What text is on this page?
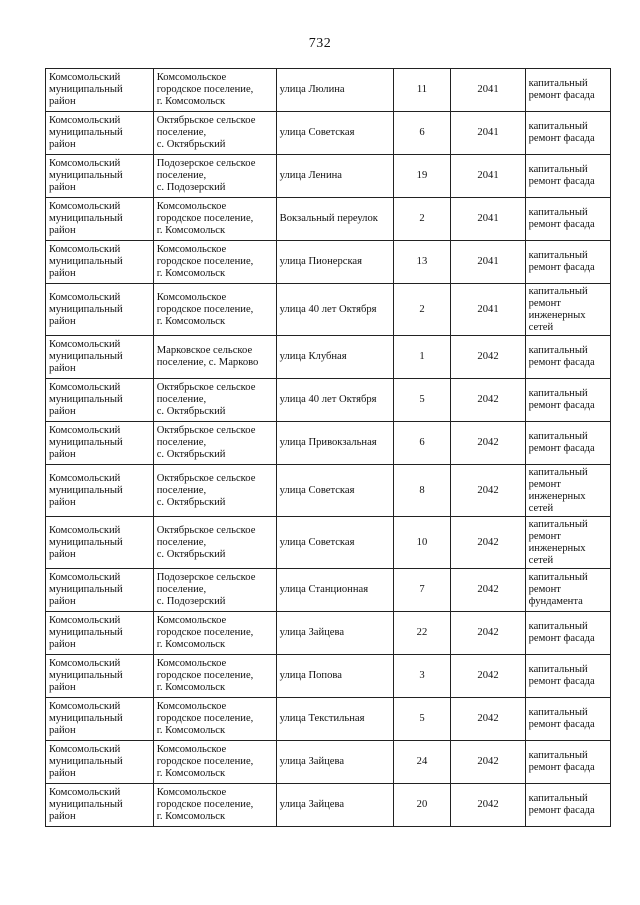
732
Комсомольский
муниципальный
район	Комсомольское
городское поселение,
г. Комсомольск	улица Люлина	11	2041	капитальный
ремонт фасада
Комсомольский
муниципальный
район	Октябрьское сельское
поселение,
с. Октябрьский	улица Советская	6	2041	капитальный
ремонт фасада
Комсомольский
муниципальный
район	Подозерское сельское
поселение,
с. Подозерский	улица Ленина	19	2041	капитальный
ремонт фасада
Комсомольский
муниципальный
район	Комсомольское
городское поселение,
г. Комсомольск	Вокзальный переулок	2	2041	капитальный
ремонт фасада
Комсомольский
муниципальный
район	Комсомольское
городское поселение,
г. Комсомольск	улица Пионерская	13	2041	капитальный
ремонт фасада
Комсомольский
муниципальный
район	Комсомольское
городское поселение,
г. Комсомольск	улица 40 лет Октября	2	2041	капитальный
ремонт
инженерных
сетей
Комсомольский
муниципальный
район	Марковское сельское
поселение, с. Марково	улица Клубная	1	2042	капитальный
ремонт фасада
Комсомольский
муниципальный
район	Октябрьское сельское
поселение,
с. Октябрьский	улица 40 лет Октября	5	2042	капитальный
ремонт фасада
Комсомольский
муниципальный
район	Октябрьское сельское
поселение,
с. Октябрьский	улица Привокзальная	6	2042	капитальный
ремонт фасада
Комсомольский
муниципальный
район	Октябрьское сельское
поселение,
с. Октябрьский	улица Советская	8	2042	капитальный
ремонт
инженерных
сетей
Комсомольский
муниципальный
район	Октябрьское сельское
поселение,
с. Октябрьский	улица Советская	10	2042	капитальный
ремонт
инженерных
сетей
Комсомольский
муниципальный
район	Подозерское сельское
поселение,
с. Подозерский	улица Станционная	7	2042	капитальный
ремонт
фундамента
Комсомольский
муниципальный
район	Комсомольское
городское поселение,
г. Комсомольск	улица Зайцева	22	2042	капитальный
ремонт фасада
Комсомольский
муниципальный
район	Комсомольское
городское поселение,
г. Комсомольск	улица Попова	3	2042	капитальный
ремонт фасада
Комсомольский
муниципальный
район	Комсомольское
городское поселение,
г. Комсомольск	улица Текстильная	5	2042	капитальный
ремонт фасада
Комсомольский
муниципальный
район	Комсомольское
городское поселение,
г. Комсомольск	улица Зайцева	24	2042	капитальный
ремонт фасада
Комсомольский
муниципальный
район	Комсомольское
городское поселение,
г. Комсомольск	улица Зайцева	20	2042	капитальный
ремонт фасада
